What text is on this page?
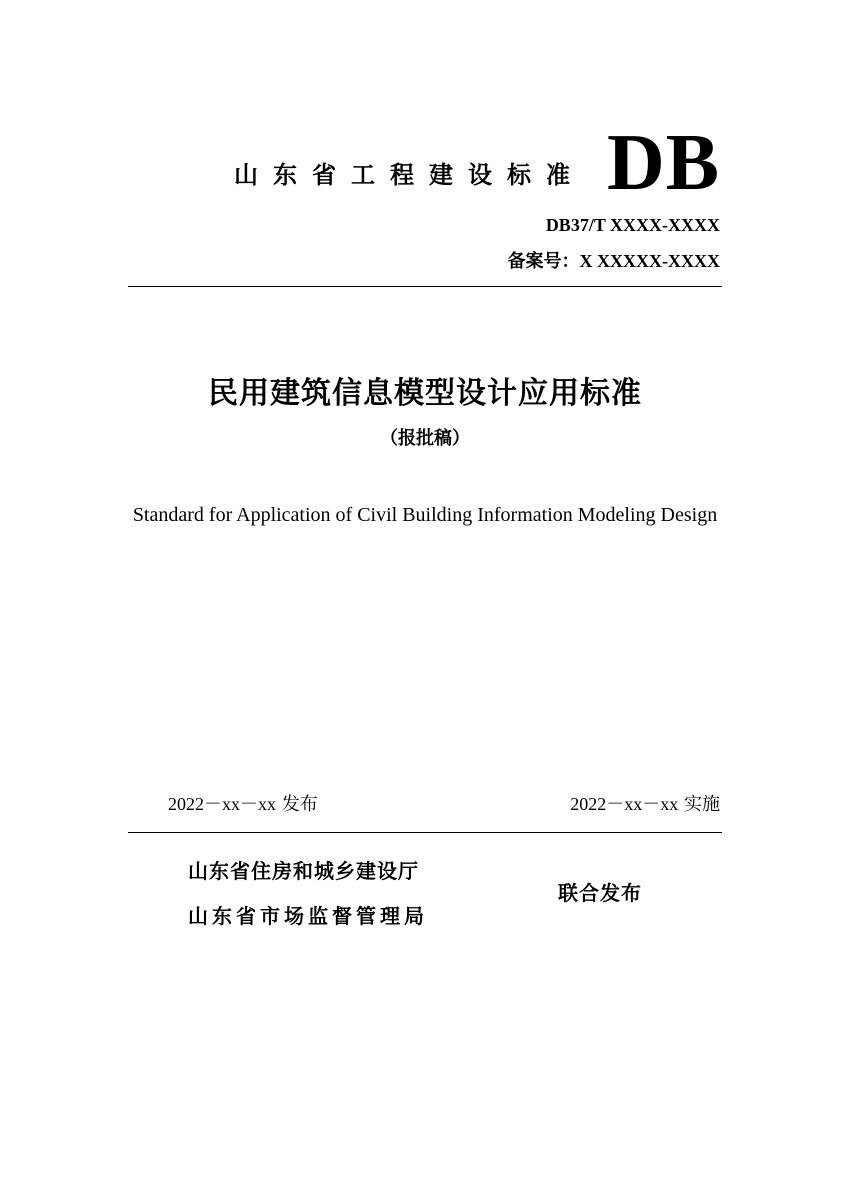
山东省工程建设标准 DB
DB37/T XXXX-XXXX
备案号：X XXXXX-XXXX
民用建筑信息模型设计应用标准
（报批稿）
Standard for Application of Civil Building Information Modeling Design
2022－xx－xx 发布	2022－xx－xx 实施
山东省住房和城乡建设厅
山东省市场监督管理局
联合发布
